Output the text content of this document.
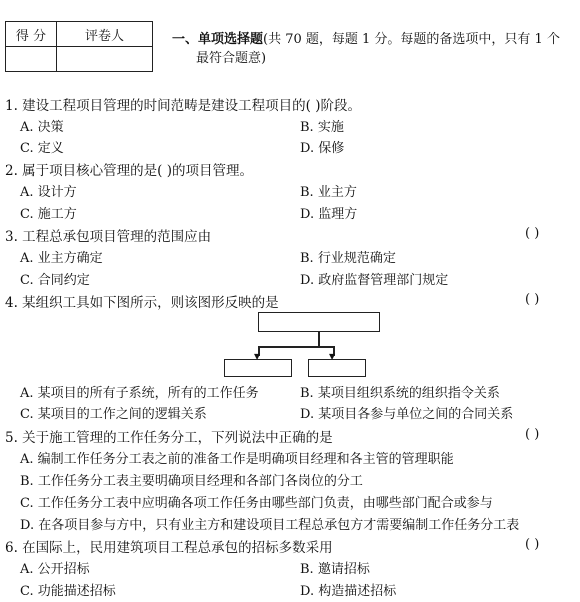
得 分	评卷人
		一、单项选择题(共 70 题，每题 1 分。每题的备选项中，只有 1 个
最符合题意)
1. 建设工程项目管理的时间范畴是建设工程项目的( )阶段。
A. 决策	B. 实施
C. 定义	D. 保修
2. 属于项目核心管理的是( )的项目管理。
A. 设计方	B. 业主方
C. 施工方	D. 监理方
3. 工程总承包项目管理的范围应由	( )
A. 业主方确定	B. 行业规范确定
C. 合同约定	D. 政府监督管理部门规定
4. 某组织工具如下图所示，则该图形反映的是	( )
▼	▼
A. 某项目的所有子系统，所有的工作任务	B. 某项目组织系统的组织指令关系
C. 某项目的工作之间的逻辑关系	D. 某项目各参与单位之间的合同关系
5. 关于施工管理的工作任务分工，下列说法中正确的是	( )
A. 编制工作任务分工表之前的准备工作是明确项目经理和各主管的管理职能
B. 工作任务分工表主要明确项目经理和各部门各岗位的分工
C. 工作任务分工表中应明确各项工作任务由哪些部门负责，由哪些部门配合或参与
D. 在各项目参与方中，只有业主方和建设项目工程总承包方才需要编制工作任务分工表
6. 在国际上，民用建筑项目工程总承包的招标多数采用	( )
A. 公开招标	B. 邀请招标
C. 功能描述招标	D. 构造描述招标
